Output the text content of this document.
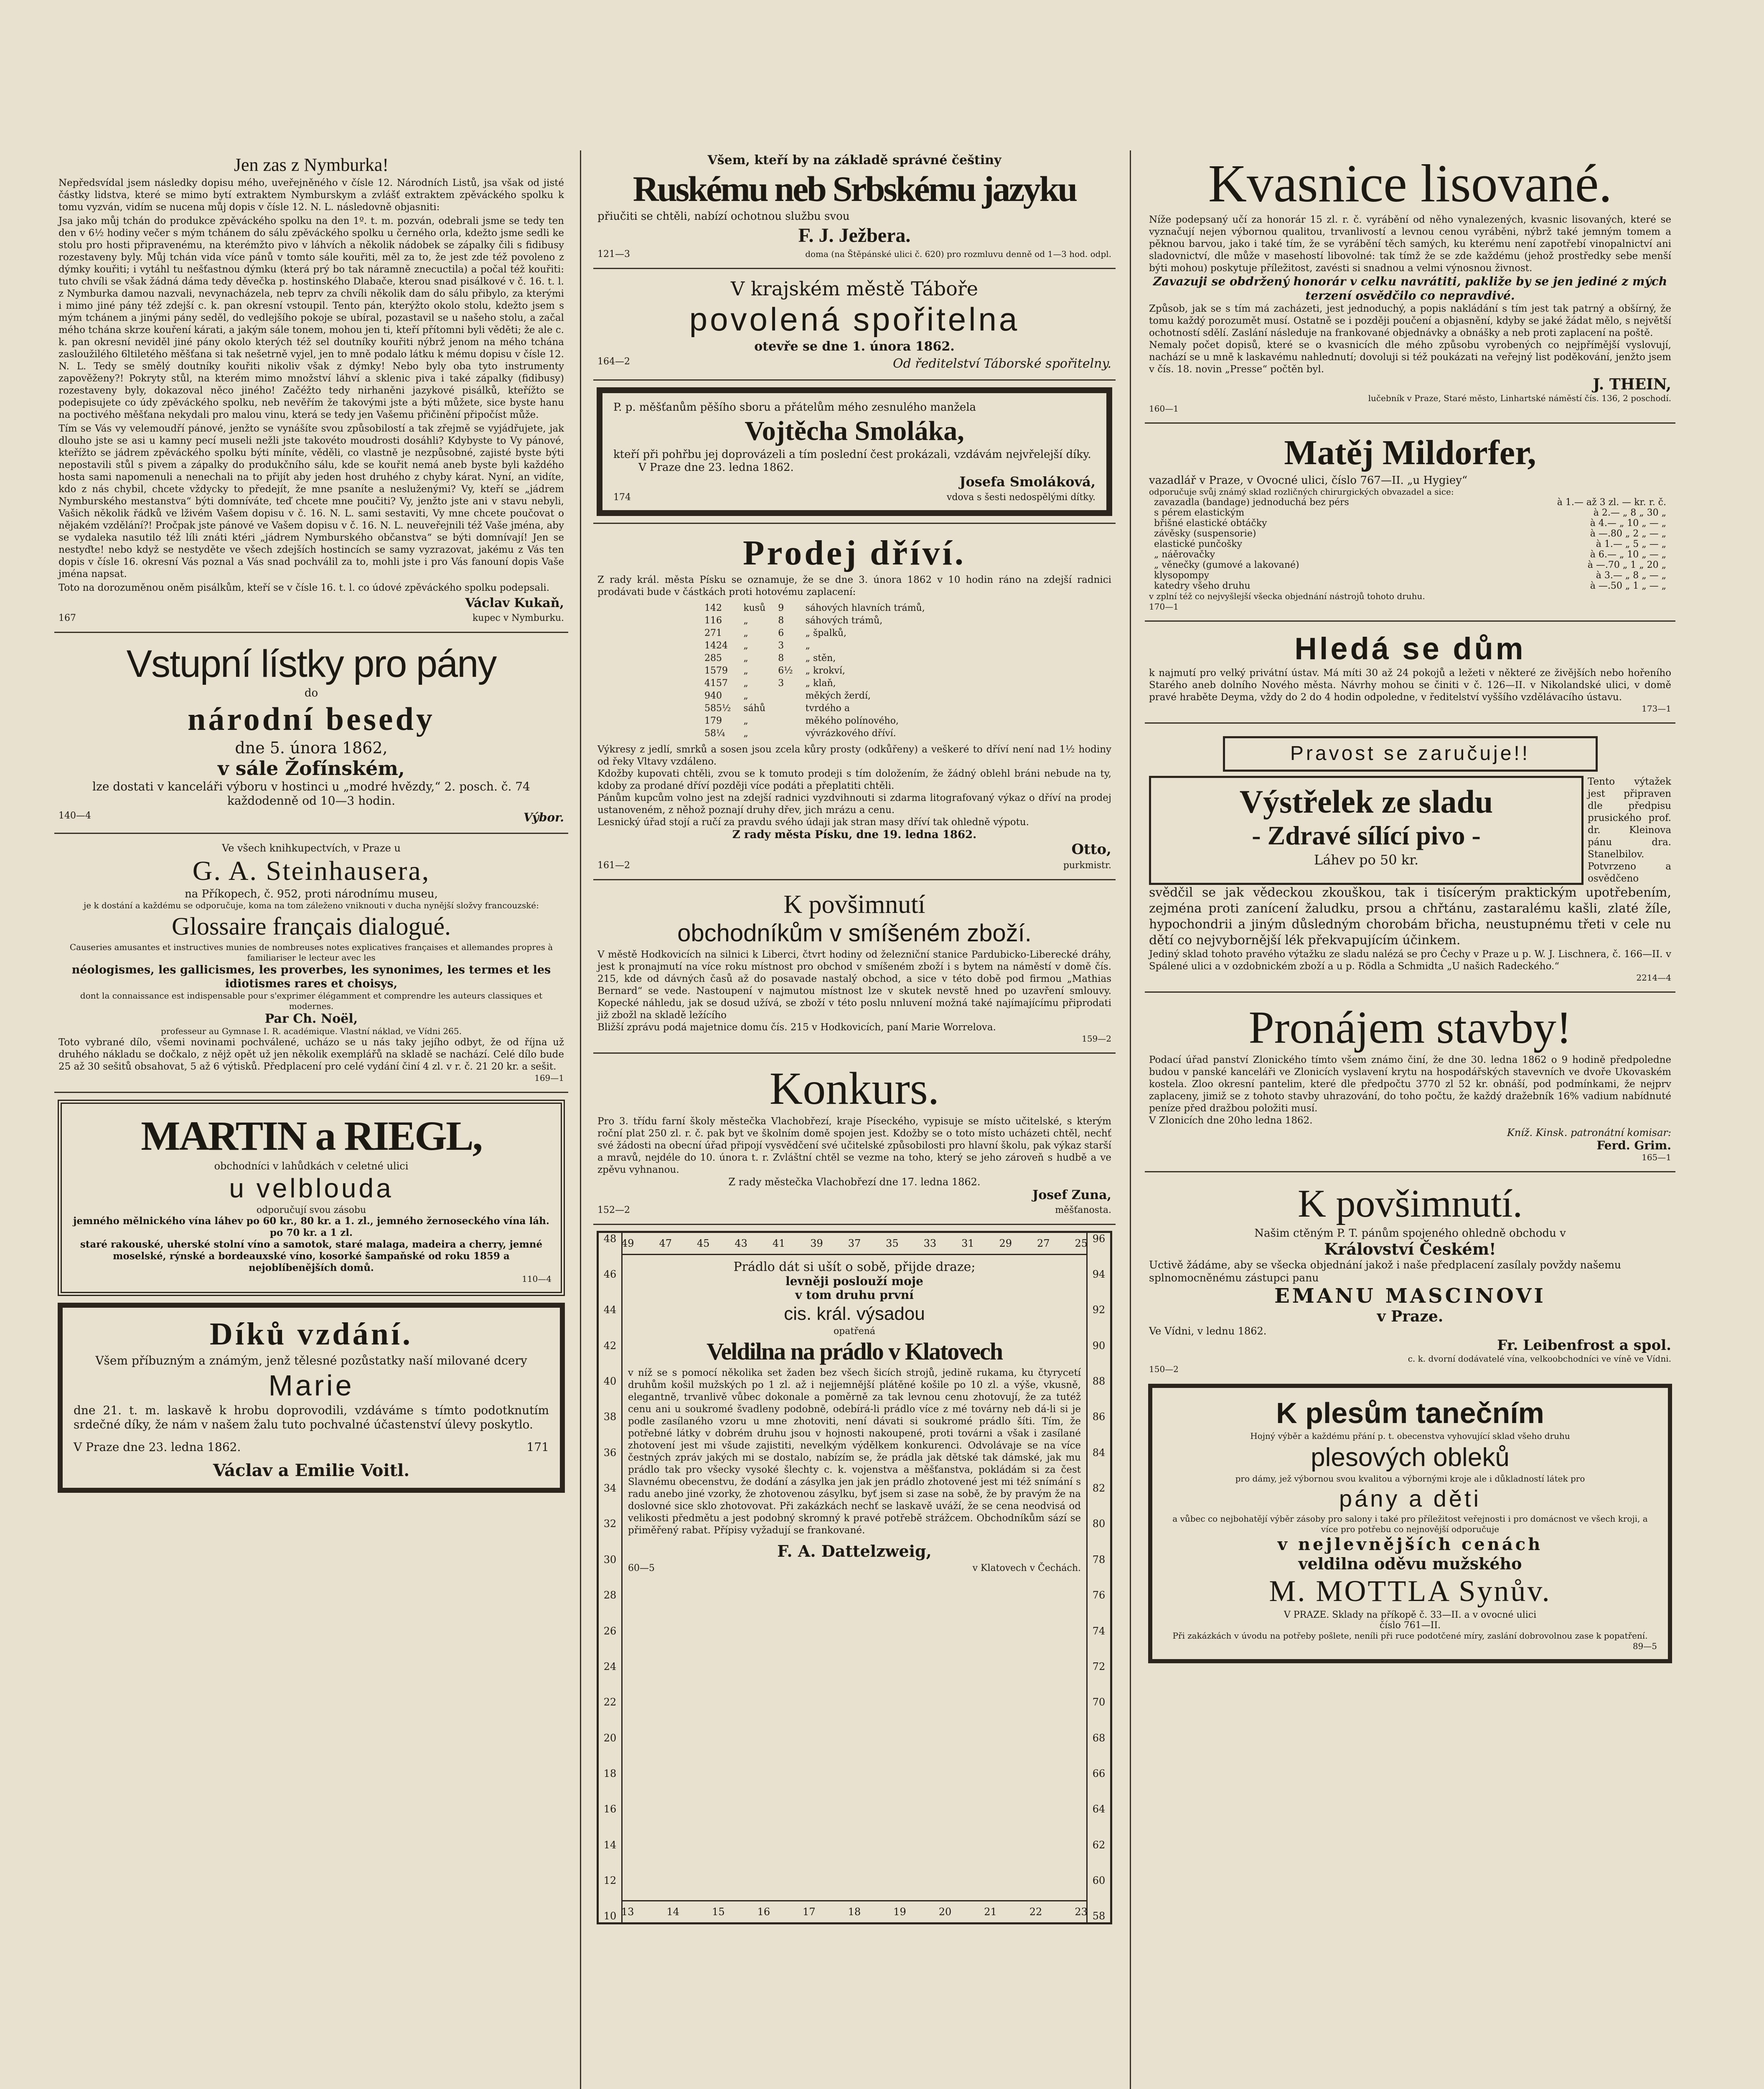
Jen zas z Nymburka!

Nepředsvídal jsem následky dopisu mého, uveřejněného v čísle 12. Národních Listů, jsa však od jisté částky lidstva, které se mimo bytí extraktem Nymburskym a zvlášť extraktem zpěváckého spolku k tomu vyzván, vidím se nucena můj dopis v čísle 12. N. L. následovně objasniti:

Jsa jako můj tchán do produkce zpěváckého spolku na den 1º. t. m. pozván, odebrali jsme se tedy ten den v 6½ hodiny večer s mým tchánem do sálu zpěváckého spolku u černého orla, kdežto jsme sedli ke stolu pro hosti připravenému, na kterémžto pivo v láhvích a několik nádobek se zápalky čili s fidibusy rozestaveny byly. Můj tchán vida více pánů v tomto sále kouřiti, měl za to, že jest zde též povoleno z dýmky kouřiti; i vytáhl tu nešťastnou dýmku (která prý bo tak náramně znecuctila) a počal též kouřiti: tuto chvíli se však žádná dáma tedy děvečka p. hostinského Dlabače, kterou snad pisálkové v č. 16. t. l. z Nymburka damou nazvali, nevynacházela, neb teprv za chvíli několik dam do sálu přibylo, za kterými i mimo jiné pány též zdejší c. k. pan okresní vstoupil. Tento pán, kterýžto okolo stolu, kdežto jsem s mým tchánem a jinými pány seděl, do vedlejšího pokoje se ubíral, pozastavil se u našeho stolu, a začal mého tchána skrze kouření kárati, a jakým sále tonem, mohou jen ti, kteří přítomni byli věděti; že ale c. k. pan okresní neviděl jiné pány okolo kterých též sel doutníky kouřiti nýbrž jenom na mého tchána zasloužilého 6ltiletého měšťana si tak nešetrně vyjel, jen to mně podalo látku k mému dopisu v čísle 12. N. L. Tedy se smělý doutníky kouřiti nikoliv však z dýmky! Nebo byly oba tyto instrumenty zapověženy?! Pokryty stůl, na kterém mimo množství láhví a sklenic piva i také zápalky (fidibusy) rozestaveny byly, dokazoval něco jiného! Začéžto tedy nirhaněni jazykové pisálků, kteřížto se podepisujete co údy zpěváckého spolku, neb nevěřím že takovými jste a býti můžete, sice byste hanu na poctivého měšťana nekydali pro malou vinu, která se tedy jen Vašemu přičinění připočíst může.

Tím se Vás vy velemoudří pánové, jenžto se vynášíte svou způsobilostí a tak zřejmě se vyjádřujete, jak dlouho jste se asi u kamny pecí museli nežli jste takovéto moudrosti dosáhli? Kdybyste to Vy pánové, kteřížto se jádrem zpěváckého spolku býti míníte, věděli, co vlastně je nezpůsobné, zajisté byste býti nepostavili stůl s pivem a zápalky do produkčního sálu, kde se kouřit nemá aneb byste byli každého hosta sami napomenuli a nenechali na to přijít aby jeden host druhého z chyby kárat. Nyní, an vidíte, kdo z nás chybil, chcete vždycky to předejít, že mne psaníte a nesluženými? Vy, kteří se „jádrem Nymburského mestanstva“ býti domníváte, teď chcete mne poučiti? Vy, jenžto jste ani v stavu nebyli, Vašich několik řádků ve lživém Vašem dopisu v č. 16. N. L. sami sestaviti, Vy mne chcete poučovat o nějakém vzdělání?! Pročpak jste pánové ve Vašem dopisu v č. 16. N. L. neuveřejnili též Vaše jména, aby se vydaleka nasutilo též líli znáti ktéri „jádrem Nymburského občanstva“ se býti domnívají! Jen se nestyďte! nebo když se nestyděte ve všech zdejších hostincích se samy vyzrazovat, jakému z Vás ten dopis v čísle 16. okresní Vás poznal a Vás snad pochválil za to, mohli jste i pro Vás fanouní dopis Vaše jména napsat.

Toto na dorozuměnou oněm pisálkům, kteří se v čísle 16. t. l. co údové zpěváckého spolku podepsali.

Václav Kukaň,
167	kupec v Nymburku.
Vstupní lístky pro pány
do
národní besedy
dne 5. února 1862,
v sále Žofínském,
lze dostati v kanceláři výboru v hostinci u „modré hvězdy,“ 2. posch. č. 74 každodenně od 10—3 hodin.
140—4	Výbor.
Ve všech knihkupectvích, v Praze u
G. A. Steinhausera,
na Příkopech, č. 952, proti národnímu museu,
je k dostání a každému se odporučuje, koma na tom záleženo vniknouti v ducha nynější složvy francouzské:
Glossaire français dialogué.
Causeries amusantes et instructives munies de nombreuses notes explicatives françaises et allemandes propres à familiariser le lecteur avec les
néologismes, les gallicismes, les proverbes, les synonimes, les termes et les idiotismes rares et choisys,
dont la connaissance est indispensable pour s'exprimer élégamment et comprendre les auteurs classiques et modernes.
Par Ch. Noël,
professeur au Gymnase I. R. académique. Vlastní náklad, ve Vídni 265.
Toto vybrané dílo, všemi novinami pochválené, ucházo se u nás taky jejího odbyt, že od října už druhého nákladu se dočkalo, z nějž opět už jen několik exemplářů na skladě se nachází. Celé dílo bude 25 až 30 sešitů obsahovat, 5 až 6 výtisků. Předplacení pro celé vydání činí 4 zl. v r. č. 21 20 kr. a sešit.
169—1
MARTIN a RIEGL,
obchodníci v lahůdkách v celetné ulici
u velblouda
odporučují svou zásobu
jemného mělnického vína láhev po 60 kr., 80 kr. a 1. zl., jemného žernoseckého vína láh. po 70 kr. a 1 zl.
staré rakouské, uherské stolní víno a samotok, staré malaga, madeira a cherry, jemné moselské, rýnské a bordeauxské víno, kosorké šampaňské od roku 1859 a nejoblíbenějších domů.
110—4
Díků vzdání.
Všem příbuzným a známým, jenž tělesné pozůstatky naší milované dcery
Marie
dne 21. t. m. laskavě k hrobu doprovodili, vzdáváme s tímto podotknutím srdečné díky, že nám v našem žalu tuto pochvalné účastenství úlevy poskytlo.
V Praze dne 23. ledna 1862.	171
Václav a Emilie Voitl.
Všem, kteří by na základě správné češtiny
Ruskému neb Srbskému jazyku
přiučiti se chtěli, nabízí ochotnou službu svou
F. J. Ježbera.
121—3	doma (na Štěpánské ulici č. 620) pro rozmluvu denně od 1—3 hod. odpl.
V krajském městě Táboře
povolená spořitelna
otevře se dne 1. února 1862.
164—2	Od ředitelství Táborské spořitelny.
P. p. měšťanům pěšího sboru a přátelům mého zesnulého manžela
Vojtěcha Smoláka,
kteří při pohřbu jej doprovázeli a tím poslední čest prokázali, vzdávám nejvřelejší díky.
V Praze dne 23. ledna 1862.
Josefa Smoláková,
174	vdova s šesti nedospělými dítky.
Prodej dříví.
Z rady král. města Písku se oznamuje, že se dne 3. února 1862 v 10 hodin ráno na zdejší radnici prodávati bude v částkách proti hotovému zaplacení:
142	kusů	9	sáhových hlavních trámů,
116	„	8	sáhových trámů,
271	„	6	„ špalků,
1424	„	3	„
285	„	8	„ stěn,
1579	„	6½	„ krokví,
4157	„	3	„ klaň,
940	„		měkých žerdí,
585½	sáhů		tvrdého a
179	„		měkého polínového,
58¼	„		vývrázkového dříví.
Výkresy z jedlí, smrků a sosen jsou zcela kůry prosty (odkůřeny) a veškeré to dříví není nad 1½ hodiny od řeky Vltavy vzdáleno.
Kdožby kupovati chtěli, zvou se k tomuto prodeji s tím doložením, že žádný oblehl bráni nebude na ty, kdoby za prodané dříví později více podáti a přeplatiti chtěli.
Pánům kupcům volno jest na zdejší radnici vyzdvihnouti si zdarma litografovaný výkaz o dříví na prodej ustanoveném, z něhož poznají druhy dřev, jich mrázu a cenu.
Lesnický úřad stojí a ručí za pravdu svého údaji jak stran masy dříví tak ohledně výpotu.
Z rady města Písku, dne 19. ledna 1862.
Otto,
161—2	purkmistr.
K povšimnutí
obchodníkům v smíšeném zboží.
V městě Hodkovicích na silnici k Liberci, čtvrt hodiny od železniční stanice Pardubicko-Liberecké dráhy, jest k pronajmutí na více roku místnost pro obchod v smíšeném zboží i s bytem na náměstí v domě čís. 215, kde od dávných časů až do posavade nastalý obchod, a sice v této době pod firmou „Mathias Bernard“ se vede. Nastoupení v najmutou místnost lze v skutek nevstě hned po uzavření smlouvy. Kopecké náhledu, jak se dosud užívá, se zboží v této poslu nnluvení možná také najímajícímu připrodati již zbožl na skladě ležícího
Bližší zprávu podá majetnice domu čís. 215 v Hodkovicích, paní Marie Worrelova.
159—2
Konkurs.
Pro 3. třídu farní školy městečka Vlachobřezí, kraje Píseckého, vypisuje se místo učitelské, s kterým roční plat 250 zl. r. č. pak byt ve školním domě spojen jest. Kdožby se o toto místo ucházeti chtěl, nechť své žádosti na obecní úřad připojí vysvědčení své učitelské způsobilosti pro hlavní školu, pak výkaz starší a mravů, nejdéle do 10. února t. r. Zvláštní chtěl se vezme na toho, který se jeho zároveň s hudbě a ve zpěvu vyhnanou.
Z rady městečka Vlachobřezí dne 17. ledna 1862.
Josef Zuna,
152—2	měšťanosta.
49 47 45 43 41 39 37 35 33 31 29 27 25
48
46
44
42
40
38
36
34
32
30
28
26
24
22
20
18
16
14
12
10
96
94
92
90
88
86
84
82
80
78
76
74
72
70
68
66
64
62
60
58
13	14	15	16	17	18	19	20	21	22	23
Prádlo dát si ušít o sobě, přijde draze;
levněji poslouží moje
v tom druhu první
cis. král. výsadou
opatřená
Veldilna na prádlo v Klatovech
v níž se s pomocí několika set žaden bez všech šicích strojů, jedině rukama, ku čtyrycetí druhům košil mužských po 1 zl. až i nejjemnější plátěné košile po 10 zl. a výše, vkusně, elegantně, trvanlivě vůbec dokonale a poměrně za tak levnou cenu zhotovují, že za tutéž cenu ani u soukromé švadleny podobně, odebírá-li prádlo více z mé továrny neb dá-li si je podle zasílaného vzoru u mne zhotoviti, není dávati si soukromé prádlo šíti. Tím, že potřebné látky v dobrém druhu jsou v hojnosti nakoupené, proti továrni a však i zasílané zhotovení jest mi všude zajistiti, nevelkým výdělkem konkurenci. Odvolávaje se na více čestných zpráv jakých mi se dostalo, nabízím se, že prádla jak dětské tak dámské, jak mu prádlo tak pro všecky vysoké šlechty c. k. vojenstva a měšťanstva, pokládám si za čest Slavnému obecenstvu, že dodání a zásylka jen jak jen prádlo zhotovené jest mi též snímání s radu anebo jiné vzorky, že zhotovenou zásylku, byť jsem si zase na sobě, že by pravým že na doslovné sice sklo zhotovovat. Při zakázkách nechť se laskavě uváží, že se cena neodvisá od velikosti předmětu a jest podobný skromný k pravé potřebě strážcem. Obchodníkům sází se přiměřený rabat. Přípisy vyžadují se frankované.
F. A. Dattelzweig,
60—5	v Klatovech v Čechách.
Kvasnice lisované.
Níže podepsaný učí za honorár 15 zl. r. č. vyrábění od něho vynalezených, kvasnic lisovaných, které se vyznačují nejen výbornou qualitou, trvanlivostí a levnou cenou vyráběni, nýbrž také jemným tomem a pěknou barvou, jako i také tím, že se vyrábění těch samých, ku kterému není zapotřebí vinopalnictví ani sladovnictví, dle může v masehostí libovolné: tak tímž že se zde každému (jehož prostředky sebe menší býti mohou) poskytuje příležitost, zavésti si snadnou a velmi výnosnou živnost.
Zavazuji se obdržený honorár v celku navrátiti, pakliže by se jen jediné z mých terzení osvědčilo co nepravdivé.
Způsob, jak se s tím má zacházeti, jest jednoduchý, a popis nakládání s tím jest tak patrný a obšírný, že tomu každý porozumět musí. Ostatně se i později poučení a objasnění, kdyby se jaké žádat mělo, s největší ochotností sdělí. Zaslání následuje na frankované objednávky a obnášky a neb proti zaplacení na poště.
Nemaly počet dopisů, které se o kvasnicích dle mého způsobu vyrobených co nejpřímější vyslovují, nachází se u mně k laskavému nahlednutí; dovoluji si též poukázati na veřejný list poděkování, jenžto jsem v čís. 18. novin „Presse“ počtěn byl.
J. THEIN,
lučebník v Praze, Staré město, Linhartské náměstí čís. 136, 2 poschodí.
160—1
Matěj Mildorfer,
vazadlář v Praze, v Ovocné ulici, číslo 767—II. „u Hygiey“
odporučuje svůj známý sklad rozličných chirurgických obvazadel a sice:
zavazadla (bandage) jednoduchá bez pérs	à 1.— až 3 zl. — kr. r. č.
s pérem elastickým	à 2.— „ 8 „ 30 „
břišné elastické obtáčky	à 4.— „ 10 „ — „
závěsky (suspensorie)	à —.80 „ 2 „ — „
elastické punčošky	à 1.— „ 5 „ — „
„ náěrovačky	à 6.— „ 10 „ — „
„ věnečky (gumové a lakované)	à —.70 „ 1 „ 20 „
klysopompy	à 3.— „ 8 „ — „
katedry všeho druhu	à —.50 „ 1 „ — „
v zplní též co nejvyšlejší všecka objednání nástrojů tohoto druhu.
170—1
Hledá se dům
k najmutí pro velký privátní ústav. Má míti 30 až 24 pokojů a ležeti v některé ze živějších nebo hořeního Starého aneb dolního Nového města. Návrhy mohou se činiti v č. 126—II. v Nikolandské ulici, v domě pravé hraběte Deyma, vždy do 2 do 4 hodin odpoledne, v ředitelství vyššího vzdělávacího ústavu.
173—1
Pravost se zaručuje!!
Výstřelek ze sladu
- Zdravé sílící pivo -
Láhev po 50 kr.
Tento výtažek jest připraven dle předpisu prusického prof. dr. Kleinova pánu dra. Stanelbilov. Potvrzeno a osvědčeno
svědčil se jak vědeckou zkouškou, tak i tisícerým praktickým upotřebením, zejména proti zanícení žaludku, prsou a chřtánu, zastaralému kašli, zlaté žíle, hypochondrii a jiným důsledným chorobám břicha, neustupnému třeti v cele nu dětí co nejvybornější lék překvapujícím účinkem.
Jediný sklad tohoto pravého výtažku ze sladu nalézá se pro Čechy v Praze u p. W. J. Lischnera, č. 166—II. v Spálené ulici a v ozdobnickém zboží a u p. Rödla a Schmidta „U našich Radeckého.“
2214—4
Pronájem stavby!
Podací úřad panství Zlonického tímto všem známo činí, že dne 30. ledna 1862 o 9 hodině předpoledne budou v panské kanceláři ve Zlonicích vyslavení krytu na hospodářských stavevních ve dvoře Ukovaském kostela. Zloo okresní pantelim, které dle předpočtu 3770 zl 52 kr. obnáší, pod podmínkami, že nejprv zaplaceny, jimiž se z tohoto stavby uhrazování, do toho počtu, že každý dražebník 16% vadium nabídnuté peníze před dražbou položiti musí.
V Zlonicích dne 20ho ledna 1862.
Kníž. Kinsk. patronátní komisar:
Ferd. Grim.
165—1
K povšimnutí.
Našim ctěným P. T. pánům spojeného ohledně obchodu v
Království Českém!
Uctivě žádáme, aby se všecka objednání jakož i naše předplacení zasílaly povždy našemu splnomocněnému zástupci panu
EMANU MASCINOVI
v Praze.
Ve Vídni, v lednu 1862.
Fr. Leibenfrost a spol.
c. k. dvorní dodávatelé vína, velkoobchodníci ve víně ve Vídni.
150—2
K plesům tanečním
Hojný výběr a každému přání p. t. obecenstva vyhovující sklad všeho druhu
plesových obleků
pro dámy, jež výbornou svou kvalitou a výbornými kroje ale i důkladností látek pro
pány a děti
a vůbec co nejbohatějí výběr zásoby pro salony i také pro příležitost veřejnosti i pro domácnost ve všech kroji, a více pro potřebu co nejnovější odporučuje
v nejlevnějších cenách
veldilna oděvu mužského
M. MOTTLA Synův.
V PRAZE. Sklady na příkopě č. 33—II. a v ovocné ulici
číslo 761—II.
Při zakázkách v úvodu na potřeby pošlete, neníli při ruce podotčené míry, zaslání dobrovolnou zase k popatření.
89—5
